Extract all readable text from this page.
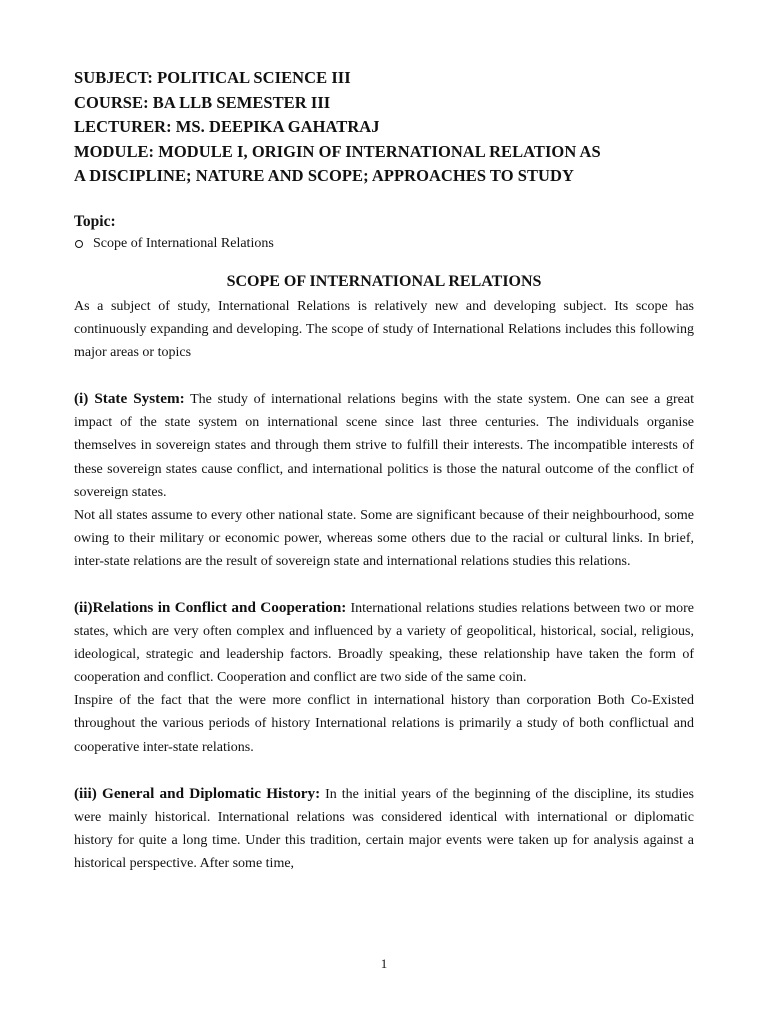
SUBJECT: POLITICAL SCIENCE III

COURSE: BA LLB SEMESTER III

LECTURER: MS. DEEPIKA GAHATRAJ

MODULE: MODULE I, ORIGIN OF INTERNATIONAL RELATION AS

A DISCIPLINE; NATURE AND SCOPE; APPROACHES TO STUDY

Topic:

Scope of International Relations

SCOPE OF INTERNATIONAL RELATIONS

As a subject of study, International Relations is relatively new and developing subject. Its scope has continuously expanding and developing. The scope of study of International Relations includes this following major areas or topics

(i) State System: The study of international relations begins with the state system. One can see a great impact of the state system on international scene since last three centuries. The individuals organise themselves in sovereign states and through them strive to fulfill their interests. The incompatible interests of these sovereign states cause conflict, and international politics is those the natural outcome of the conflict of sovereign states.

Not all states assume to every other national state. Some are significant because of their neighbourhood, some owing to their military or economic power, whereas some others due to the racial or cultural links. In brief, inter-state relations are the result of sovereign state and international relations studies this relations.

(ii)Relations in Conflict and Cooperation: International relations studies relations between two or more states, which are very often complex and influenced by a variety of geopolitical, historical, social, religious, ideological, strategic and leadership factors. Broadly speaking, these relationship have taken the form of cooperation and conflict. Cooperation and conflict are two side of the same coin.

Inspire of the fact that the were more conflict in international history than corporation Both Co-Existed throughout the various periods of history International relations is primarily a study of both conflictual and cooperative inter-state relations.

(iii) General and Diplomatic History: In the initial years of the beginning of the discipline, its studies were mainly historical. International relations was considered identical with international or diplomatic history for quite a long time. Under this tradition, certain major events were taken up for analysis against a historical perspective. After some time,

1
